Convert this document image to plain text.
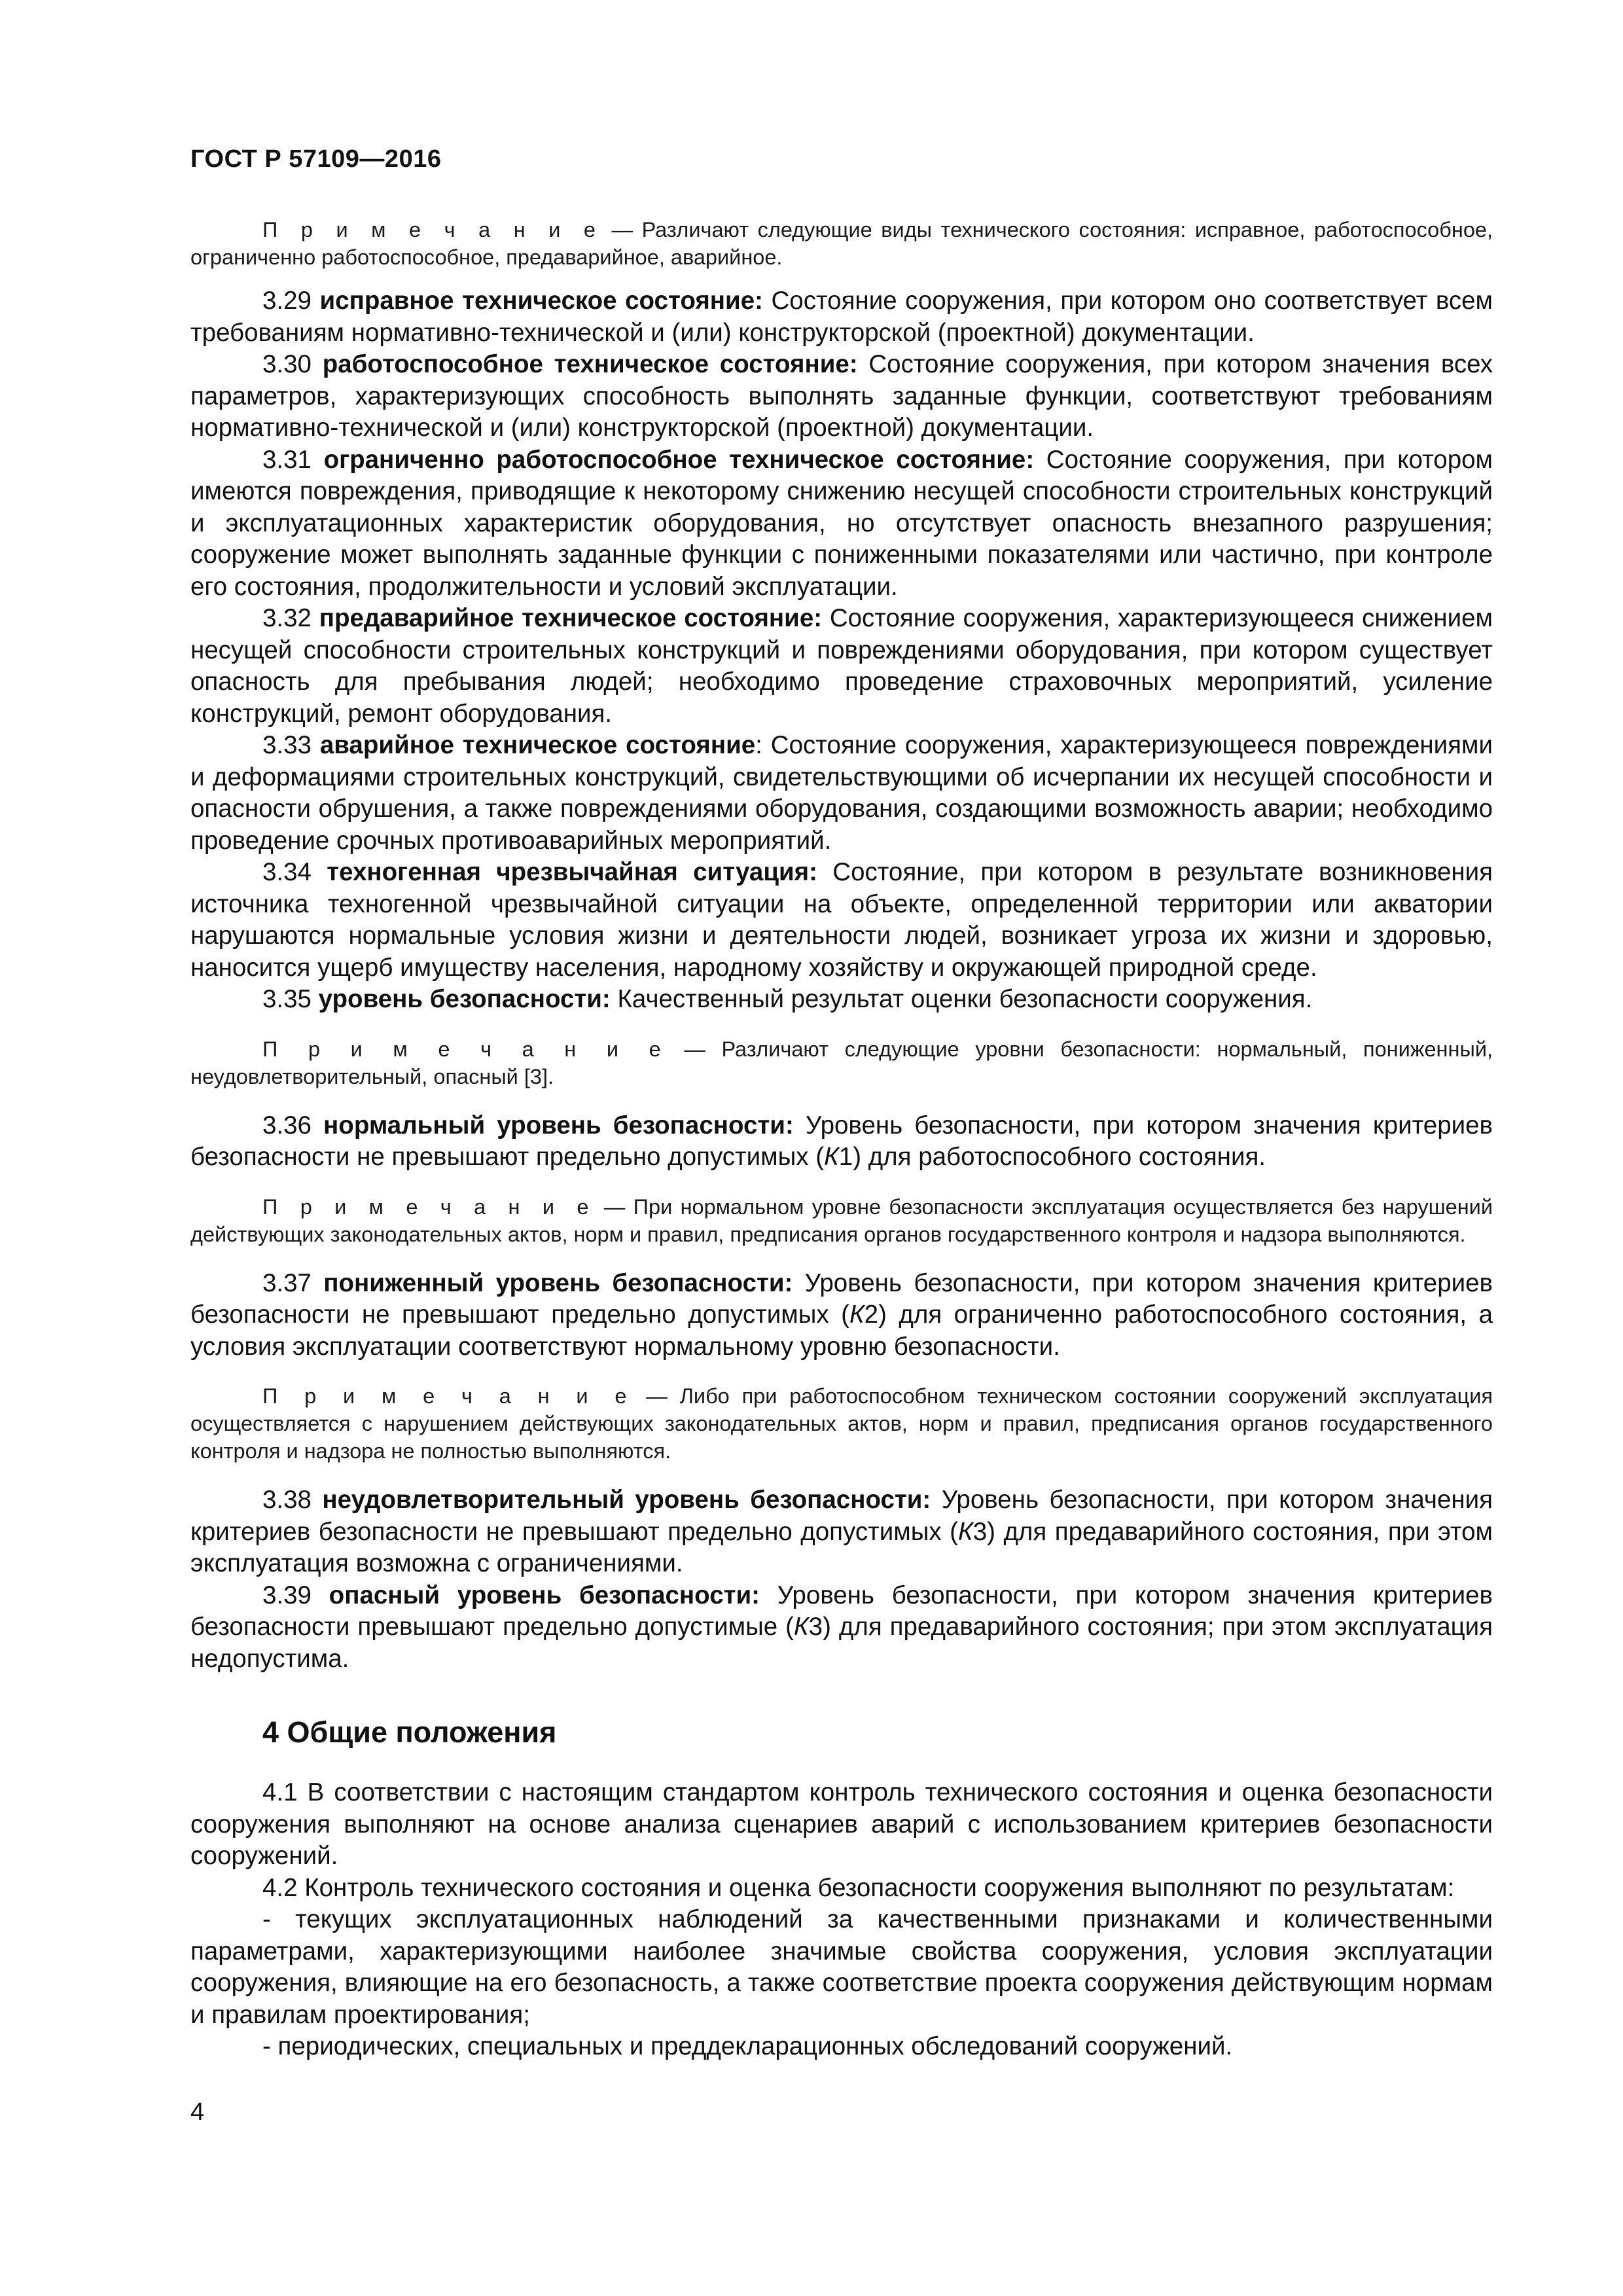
ГОСТ Р 57109—2016

П р и м е ч а н и е — Различают следующие виды технического состояния: исправное, работоспособное, ограниченно работоспособное, предаварийное, аварийное.

3.29 исправное техническое состояние: Состояние сооружения, при котором оно соответствует всем требованиям нормативно-технической и (или) конструкторской (проектной) документации.

3.30 работоспособное техническое состояние: Состояние сооружения, при котором значения всех параметров, характеризующих способность выполнять заданные функции, соответствуют требованиям нормативно-технической и (или) конструкторской (проектной) документации.

3.31 ограниченно работоспособное техническое состояние: Состояние сооружения, при котором имеются повреждения, приводящие к некоторому снижению несущей способности строительных конструкций и эксплуатационных характеристик оборудования, но отсутствует опасность внезапного разрушения; сооружение может выполнять заданные функции с пониженными показателями или частично, при контроле его состояния, продолжительности и условий эксплуатации.

3.32 предаварийное техническое состояние: Состояние сооружения, характеризующееся снижением несущей способности строительных конструкций и повреждениями оборудования, при котором существует опасность для пребывания людей; необходимо проведение страховочных мероприятий, усиление конструкций, ремонт оборудования.

3.33 аварийное техническое состояние: Состояние сооружения, характеризующееся повреждениями и деформациями строительных конструкций, свидетельствующими об исчерпании их несущей способности и опасности обрушения, а также повреждениями оборудования, создающими возможность аварии; необходимо проведение срочных противоаварийных мероприятий.

3.34 техногенная чрезвычайная ситуация: Состояние, при котором в результате возникновения источника техногенной чрезвычайной ситуации на объекте, определенной территории или акватории нарушаются нормальные условия жизни и деятельности людей, возникает угроза их жизни и здоровью, наносится ущерб имуществу населения, народному хозяйству и окружающей природной среде.

3.35 уровень безопасности: Качественный результат оценки безопасности сооружения.

П р и м е ч а н и е — Различают следующие уровни безопасности: нормальный, пониженный, неудовлетворительный, опасный [3].

3.36 нормальный уровень безопасности: Уровень безопасности, при котором значения критериев безопасности не превышают предельно допустимых (К1) для работоспособного состояния.

П р и м е ч а н и е — При нормальном уровне безопасности эксплуатация осуществляется без нарушений действующих законодательных актов, норм и правил, предписания органов государственного контроля и надзора выполняются.

3.37 пониженный уровень безопасности: Уровень безопасности, при котором значения критериев безопасности не превышают предельно допустимых (К2) для ограниченно работоспособного состояния, а условия эксплуатации соответствуют нормальному уровню безопасности.

П р и м е ч а н и е — Либо при работоспособном техническом состоянии сооружений эксплуатация осуществляется с нарушением действующих законодательных актов, норм и правил, предписания органов государственного контроля и надзора не полностью выполняются.

3.38 неудовлетворительный уровень безопасности: Уровень безопасности, при котором значения критериев безопасности не превышают предельно допустимых (К3) для предаварийного состояния, при этом эксплуатация возможна с ограничениями.

3.39 опасный уровень безопасности: Уровень безопасности, при котором значения критериев безопасности превышают предельно допустимые (К3) для предаварийного состояния; при этом эксплуатация недопустима.

4 Общие положения

4.1 В соответствии с настоящим стандартом контроль технического состояния и оценка безопасности сооружения выполняют на основе анализа сценариев аварий с использованием критериев безопасности сооружений.

4.2 Контроль технического состояния и оценка безопасности сооружения выполняют по результатам:

- текущих эксплуатационных наблюдений за качественными признаками и количественными параметрами, характеризующими наиболее значимые свойства сооружения, условия эксплуатации сооружения, влияющие на его безопасность, а также соответствие проекта сооружения действующим нормам и правилам проектирования;

- периодических, специальных и преддекларационных обследований сооружений.

4
